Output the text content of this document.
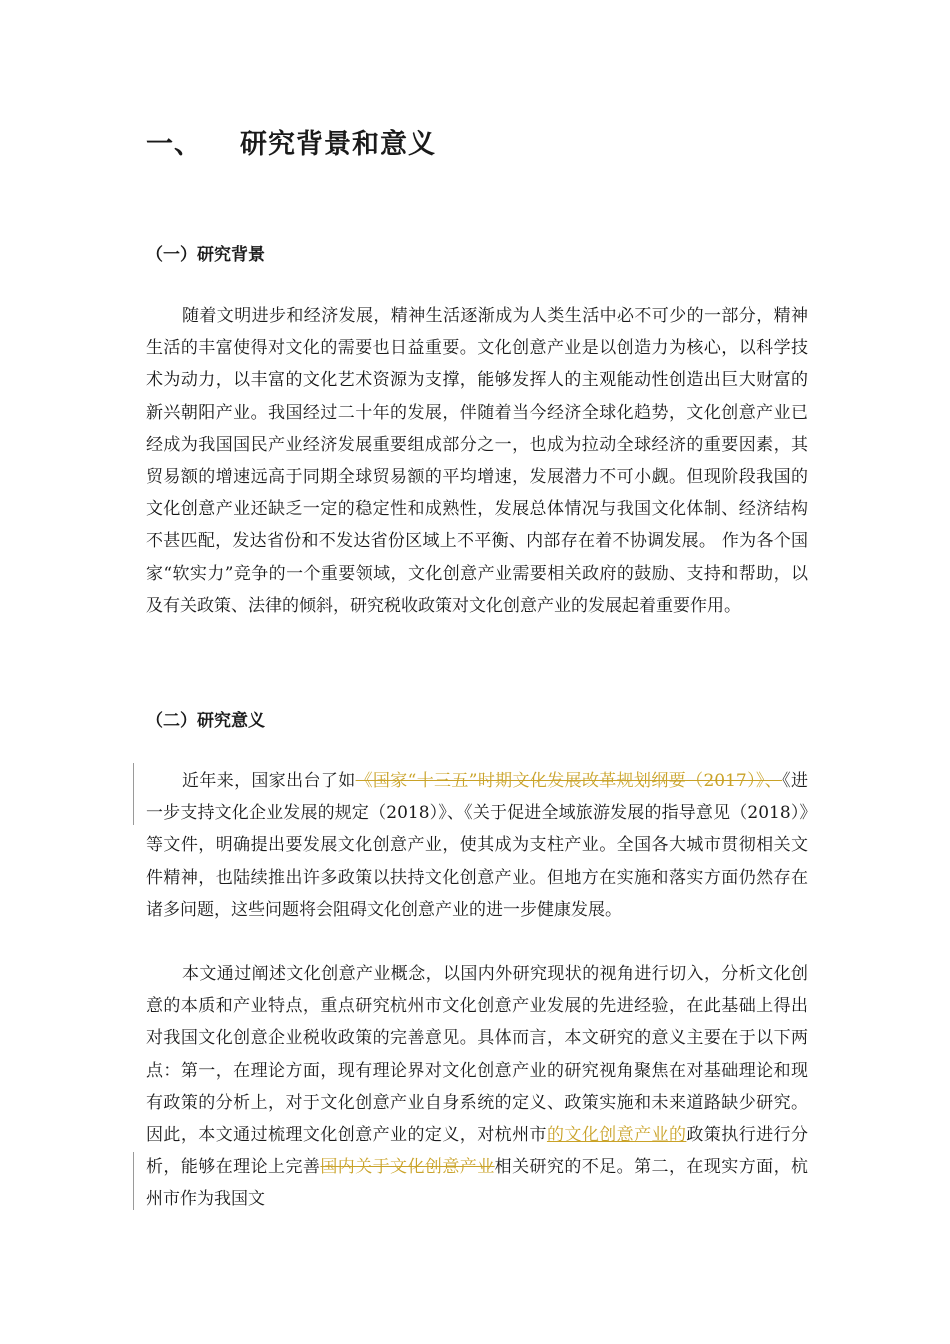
一、 研究背景和意义
（一）研究背景
随着文明进步和经济发展，精神生活逐渐成为人类生活中必不可少的一部分，精神生活的丰富使得对文化的需要也日益重要。文化创意产业是以创造力为核心，以科学技术为动力，以丰富的文化艺术资源为支撑，能够发挥人的主观能动性创造出巨大财富的新兴朝阳产业。我国经过二十年的发展，伴随着当今经济全球化趋势，文化创意产业已经成为我国国民产业经济发展重要组成部分之一，也成为拉动全球经济的重要因素，其贸易额的增速远高于同期全球贸易额的平均增速，发展潜力不可小觑。但现阶段我国的文化创意产业还缺乏一定的稳定性和成熟性，发展总体情况与我国文化体制、经济结构不甚匹配，发达省份和不发达省份区域上不平衡、内部存在着不协调发展。 作为各个国家“软实力”竞争的一个重要领域，文化创意产业需要相关政府的鼓励、支持和帮助，以及有关政策、法律的倾斜，研究税收政策对文化创意产业的发展起着重要作用。
（二）研究意义
近年来，国家出台了如《国家“十三五”时期文化发展改革规划纲要（2017）》、《进一步支持文化企业发展的规定（2018）》、《关于促进全域旅游发展的指导意见（2018）》等文件，明确提出要发展文化创意产业，使其成为支柱产业。全国各大城市贯彻相关文件精神，也陆续推出许多政策以扶持文化创意产业。但地方在实施和落实方面仍然存在诸多问题，这些问题将会阻碍文化创意产业的进一步健康发展。
本文通过阐述文化创意产业概念，以国内外研究现状的视角进行切入，分析文化创意的本质和产业特点，重点研究杭州市文化创意产业发展的先进经验，在此基础上得出对我国文化创意企业税收政策的完善意见。具体而言，本文研究的意义主要在于以下两点：第一，在理论方面，现有理论界对文化创意产业的研究视角聚焦在对基础理论和现有政策的分析上，对于文化创意产业自身系统的定义、政策实施和未来道路缺少研究。因此，本文通过梳理文化创意产业的定义，对杭州市的文化创意产业的政策执行进行分析，能够在理论上完善国内关于文化创意产业相关研究的不足。第二，在现实方面，杭州市作为我国文
